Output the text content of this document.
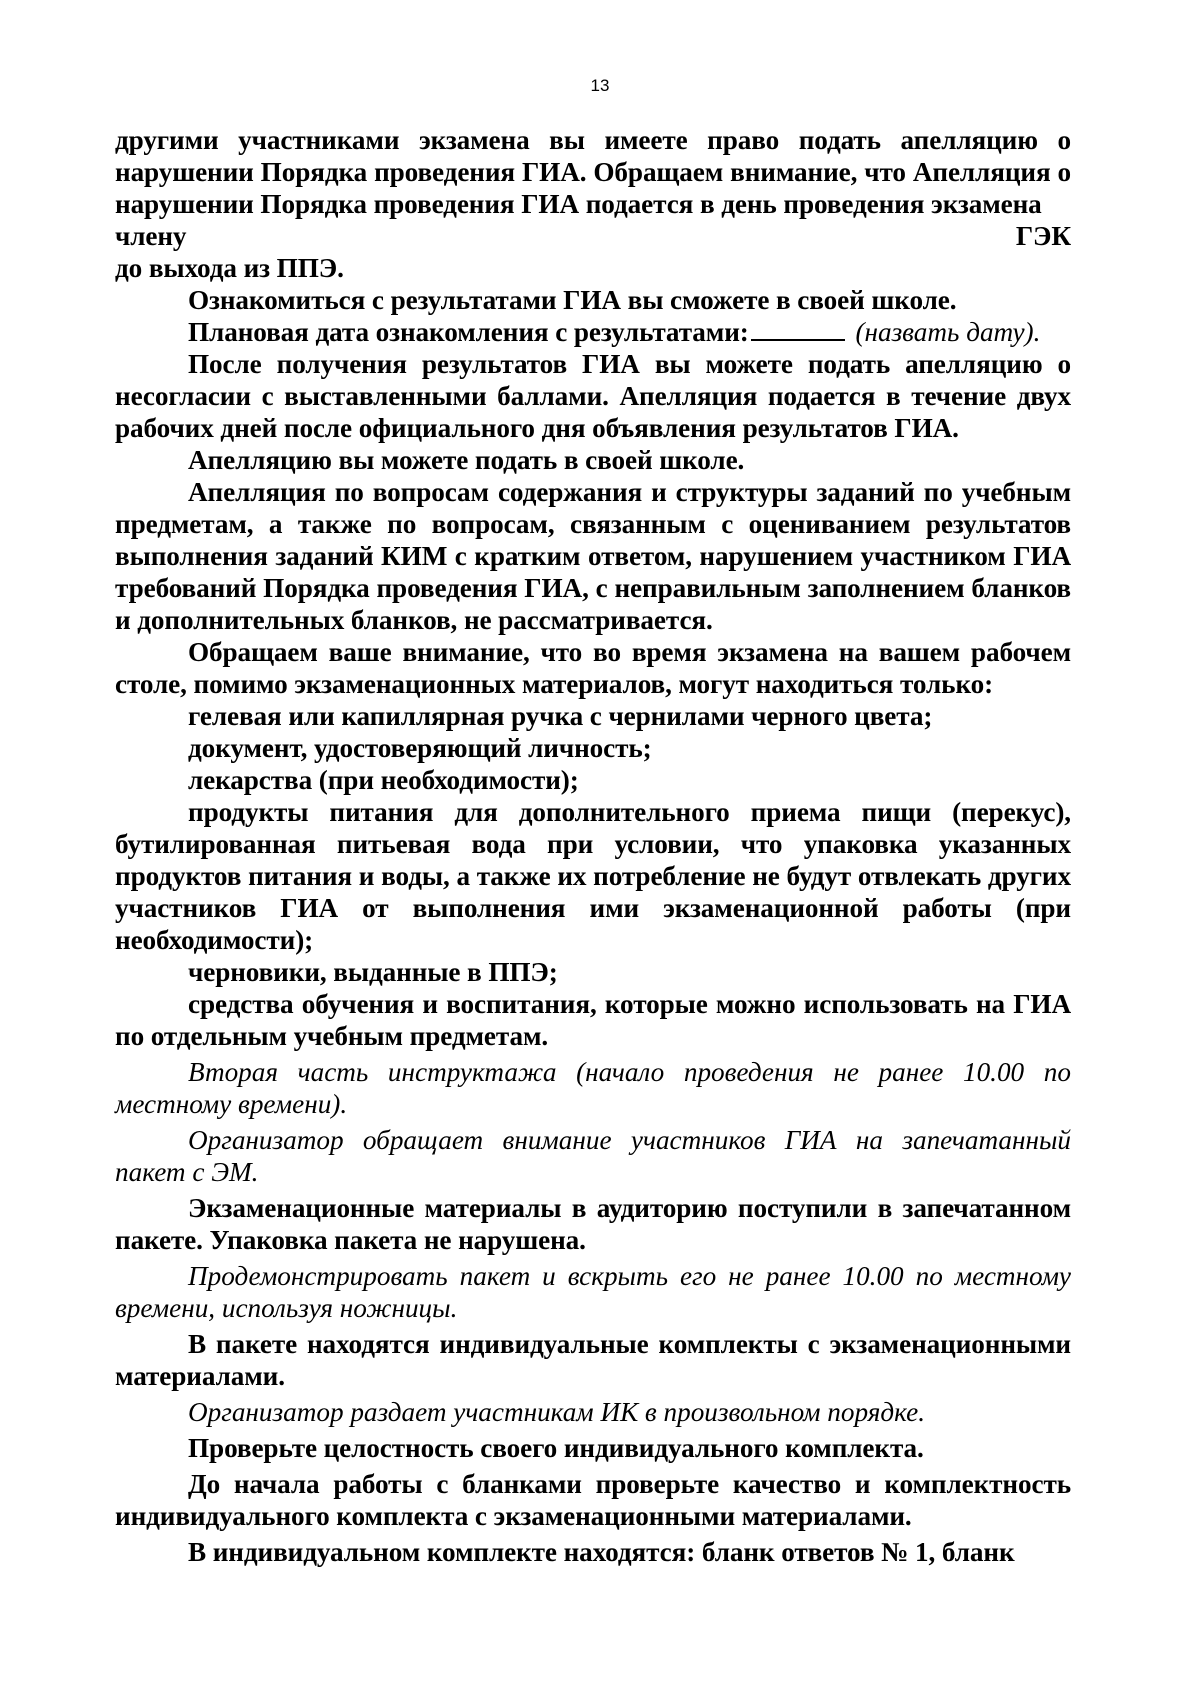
13

другими участниками экзамена вы имеете право подать апелляцию о нарушении Порядка проведения ГИА. Обращаем внимание, что Апелляция о нарушении Порядка проведения ГИА подается в день проведения экзамена

члену	ГЭК

до выхода из ППЭ.

Ознакомиться с результатами ГИА вы сможете в своей школе.

Плановая дата ознакомления с результатами:	(назвать дату).

После получения результатов ГИА вы можете подать апелляцию о несогласии с выставленными баллами. Апелляция подается в течение двух рабочих дней после официального дня объявления результатов ГИА.

Апелляцию вы можете подать в своей школе.

Апелляция по вопросам содержания и структуры заданий по учебным предметам, а также по вопросам, связанным с оцениванием результатов выполнения заданий КИМ с кратким ответом, нарушением участником ГИА требований Порядка проведения ГИА, с неправильным заполнением бланков и дополнительных бланков, не рассматривается.

Обращаем ваше внимание, что во время экзамена на вашем рабочем столе, помимо экзаменационных материалов, могут находиться только:

гелевая или капиллярная ручка с чернилами черного цвета;

документ, удостоверяющий личность;

лекарства (при необходимости);

продукты питания для дополнительного приема пищи (перекус), бутилированная питьевая вода при условии, что упаковка указанных продуктов питания и воды, а также их потребление не будут отвлекать других участников ГИА от выполнения ими экзаменационной работы (при необходимости);

черновики, выданные в ППЭ;

средства обучения и воспитания, которые можно использовать на ГИА по отдельным учебным предметам.

Вторая часть инструктажа (начало проведения не ранее 10.00 по местному времени).

Организатор обращает внимание участников ГИА на запечатанный пакет с ЭМ.

Экзаменационные материалы в аудиторию поступили в запечатанном пакете. Упаковка пакета не нарушена.

Продемонстрировать пакет и вскрыть его не ранее 10.00 по местному времени, используя ножницы.

В пакете находятся индивидуальные комплекты с экзаменационными материалами.

Организатор раздает участникам ИК в произвольном порядке.

Проверьте целостность своего индивидуального комплекта.

До начала работы с бланками проверьте качество и комплектность индивидуального комплекта с экзаменационными материалами.

В индивидуальном комплекте находятся: бланк ответов № 1, бланк
